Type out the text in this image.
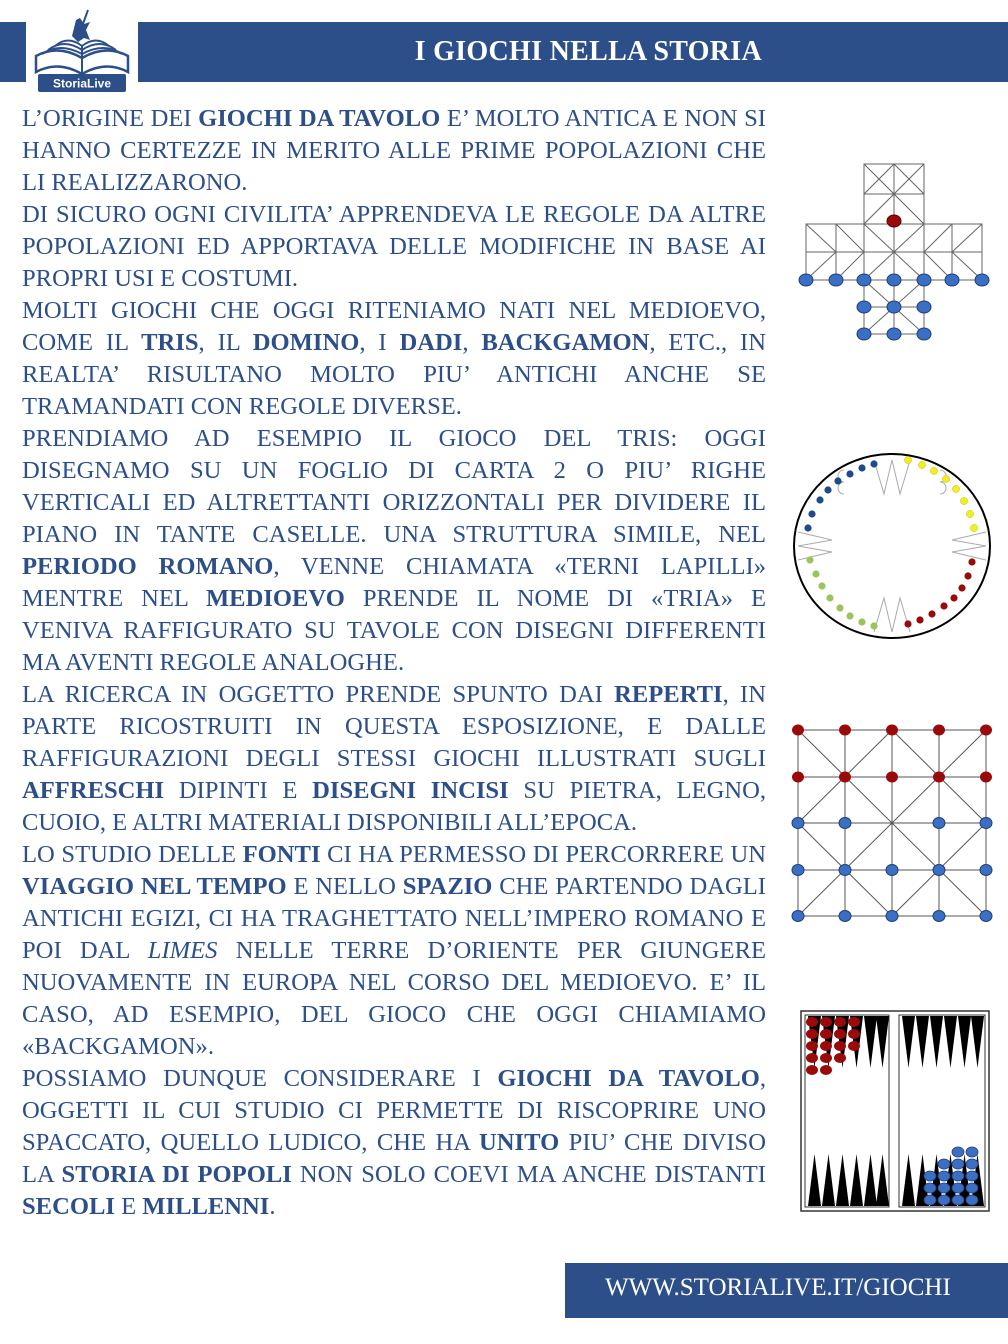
I GIOCHI NELLA STORIA
StoriaLive

L’ORIGINE DEI GIOCHI DA TAVOLO E’ MOLTO ANTICA E NON SI HANNO CERTEZZE IN MERITO ALLE PRIME POPOLAZIONI CHE LI REALIZZARONO.

DI SICURO OGNI CIVILITA’ APPRENDEVA LE REGOLE DA ALTRE POPOLAZIONI ED APPORTAVA DELLE MODIFICHE IN BASE AI PROPRI USI E COSTUMI.

MOLTI GIOCHI CHE OGGI RITENIAMO NATI NEL MEDIOEVO, COME IL TRIS, IL DOMINO, I DADI, BACKGAMON, ETC., IN REALTA’ RISULTANO MOLTO PIU’ ANTICHI ANCHE SE TRAMANDATI CON REGOLE DIVERSE.

PRENDIAMO AD ESEMPIO IL GIOCO DEL TRIS: OGGI DISEGNAMO SU UN FOGLIO DI CARTA 2 O PIU’ RIGHE VERTICALI ED ALTRETTANTI ORIZZONTALI PER DIVIDERE IL PIANO IN TANTE CASELLE. UNA STRUTTURA SIMILE, NEL PERIODO ROMANO, VENNE CHIAMATA «TERNI LAPILLI» MENTRE NEL MEDIOEVO PRENDE IL NOME DI «TRIA» E VENIVA RAFFIGURATO SU TAVOLE CON DISEGNI DIFFERENTI MA AVENTI REGOLE ANALOGHE.

LA RICERCA IN OGGETTO PRENDE SPUNTO DAI REPERTI, IN PARTE RICOSTRUITI IN QUESTA ESPOSIZIONE, E DALLE RAFFIGURAZIONI DEGLI STESSI GIOCHI ILLUSTRATI SUGLI AFFRESCHI DIPINTI E DISEGNI INCISI SU PIETRA, LEGNO, CUOIO, E ALTRI MATERIALI DISPONIBILI ALL’EPOCA.

LO STUDIO DELLE FONTI CI HA PERMESSO DI PERCORRERE UN VIAGGIO NEL TEMPO E NELLO SPAZIO CHE PARTENDO DAGLI ANTICHI EGIZI, CI HA TRAGHETTATO NELL’IMPERO ROMANO E POI DAL LIMES NELLE TERRE D’ORIENTE PER GIUNGERE NUOVAMENTE IN EUROPA NEL CORSO DEL MEDIOEVO. E’ IL CASO, AD ESEMPIO, DEL GIOCO CHE OGGI CHIAMIAMO «BACKGAMON».

POSSIAMO DUNQUE CONSIDERARE I GIOCHI DA TAVOLO, OGGETTI IL CUI STUDIO CI PERMETTE DI RISCOPRIRE UNO SPACCATO, QUELLO LUDICO, CHE HA UNITO PIU’ CHE DIVISO LA STORIA DI POPOLI NON SOLO COEVI MA ANCHE DISTANTI SECOLI E MILLENNI.

WWW.STORIALIVE.IT/GIOCHI
